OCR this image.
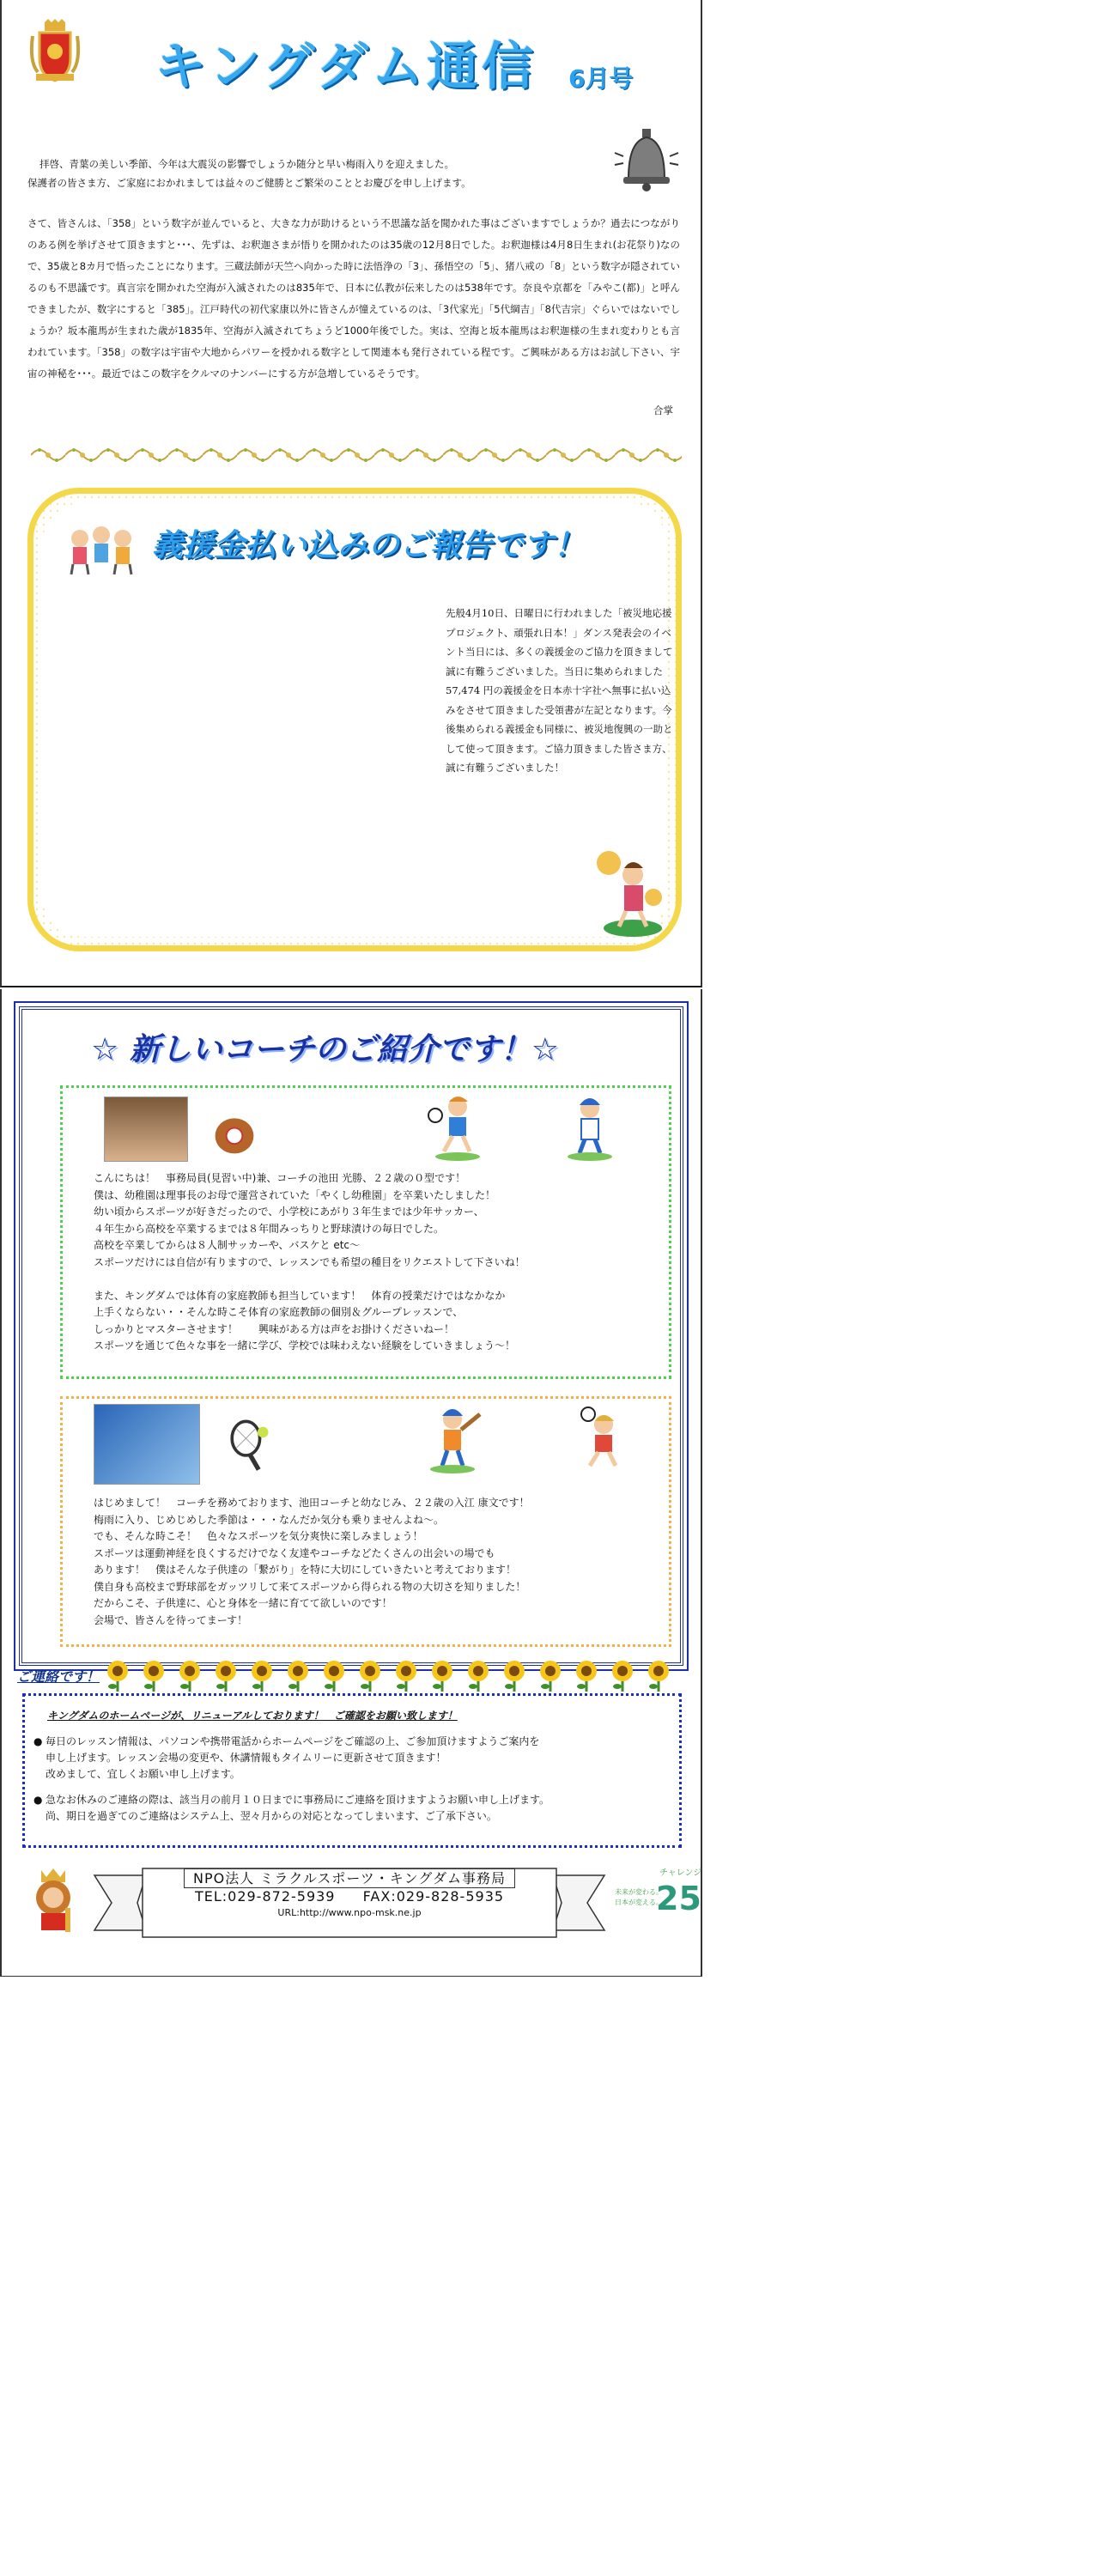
キングダム通信 6月号
拝啓、青葉の美しい季節、今年は大震災の影響でしょうか随分と早い梅雨入りを迎えました。
保護者の皆さま方、ご家庭におかれましては益々のご健勝とご繁栄のこととお慶びを申し上げます。
さて、皆さんは、「358」という数字が並んでいると、大きな力が助けるという不思議な話を聞かれた事はございますでしょうか？過去につながりのある例を挙げさせて頂きますと･･･、先ずは、お釈迦さまが悟りを開かれたのは35歳の12月8日でした。お釈迦様は4月8日生まれ(お花祭り)なので、35歳と8カ月で悟ったことになります。三蔵法師が天竺へ向かった時に法悟浄の「3」、孫悟空の「5」、猪八戒の「8」という数字が隠されているのも不思議です。真言宗を開かれた空海が入滅されたのは835年で、日本に仏教が伝来したのは538年です。奈良や京都を「みやこ(都)」と呼んできましたが、数字にすると「385」。江戸時代の初代家康以外に皆さんが憧えているのは、「3代家光」「5代綱吉」「8代吉宗」ぐらいではないでしょうか？坂本龍馬が生まれた歳が1835年、空海が入滅されてちょうど1000年後でした。実は、空海と坂本龍馬はお釈迦様の生まれ変わりとも言われています。「358」の数字は宇宙や大地からパワーを授かれる数字として関連本も発行されている程です。ご興味がある方はお試し下さい、宇宙の神秘を･･･。最近ではこの数字をクルマのナンバーにする方が急増しているそうです。
合掌
義援金払い込みのご報告です！
先般4月10日、日曜日に行われました「被災地応援プロジェクト、頑張れ日本！」ダンス発表会のイベント当日には、多くの義援金のご協力を頂きまして誠に有難うございました。当日に集められました 57,474 円の義援金を日本赤十字社へ無事に払い込みをさせて頂きました受領書が左記となります。今後集められる義援金も同様に、被災地復興の一助として使って頂きます。ご協力頂きました皆さま方、誠に有難うございました！
☆ 新しいコーチのご紹介です！☆
こんにちは！　事務局員(見習い中)兼、コーチの池田 光勝、２２歳の０型です！
僕は、幼稚園は理事長のお母で運営されていた「やくし幼稚園」を卒業いたしました！
幼い頃からスポーツが好きだったので、小学校にあがり３年生までは少年サッカー、
４年生から高校を卒業するまでは８年間みっちりと野球漬けの毎日でした。
高校を卒業してからは８人制サッカーや、バスケと etc～
スポーツだけには自信が有りますので、レッスンでも希望の種目をリクエストして下さいね！

また、キングダムでは体育の家庭教師も担当しています！　体育の授業だけではなかなか
上手くならない・・そんな時こそ体育の家庭教師の個別＆グループレッスンで、
しっかりとマスターさせます！　　興味がある方は声をお掛けくださいねー！
スポーツを通じて色々な事を一緒に学び、学校では味わえない経験をしていきましょう～！
はじめまして！　コーチを務めております、池田コーチと幼なじみ、２２歳の入江 康文です！
梅雨に入り、じめじめした季節は・・・なんだか気分も乗りませんよね～。
でも、そんな時こそ！　色々なスポーツを気分爽快に楽しみましょう！
スポーツは運動神経を良くするだけでなく友達やコーチなどたくさんの出会いの場でも
あります！　僕はそんな子供達の「繋がり」を特に大切にしていきたいと考えております！
僕自身も高校まで野球部をガッツリして来てスポーツから得られる物の大切さを知りました！
だからこそ、子供達に、心と身体を一緒に育てて欲しいのです！
会場で、皆さんを待ってまーす！
ご連絡です！
キングダムのホームページが、リニューアルしております！　ご確認をお願い致します！
● 毎日のレッスン情報は、パソコンや携帯電話からホームページをご確認の上、ご参加頂けますようご案内を
申し上げます。レッスン会場の変更や、休講情報もタイムリーに更新させて頂きます！
改めまして、宜しくお願い申し上げます。
● 急なお休みのご連絡の際は、該当月の前月１０日までに事務局にご連絡を頂けますようお願い申し上げます。
尚、期日を過ぎてのご連絡はシステム上、翌々月からの対応となってしまいます、ご了承下さい。
NPO法人 ミラクルスポーツ・キングダム事務局
TEL:029-872-5939 FAX:029-828-5935
URL:http://www.npo-msk.ne.jp
チャレンジ
25
未来が変わる。
日本が変える。
